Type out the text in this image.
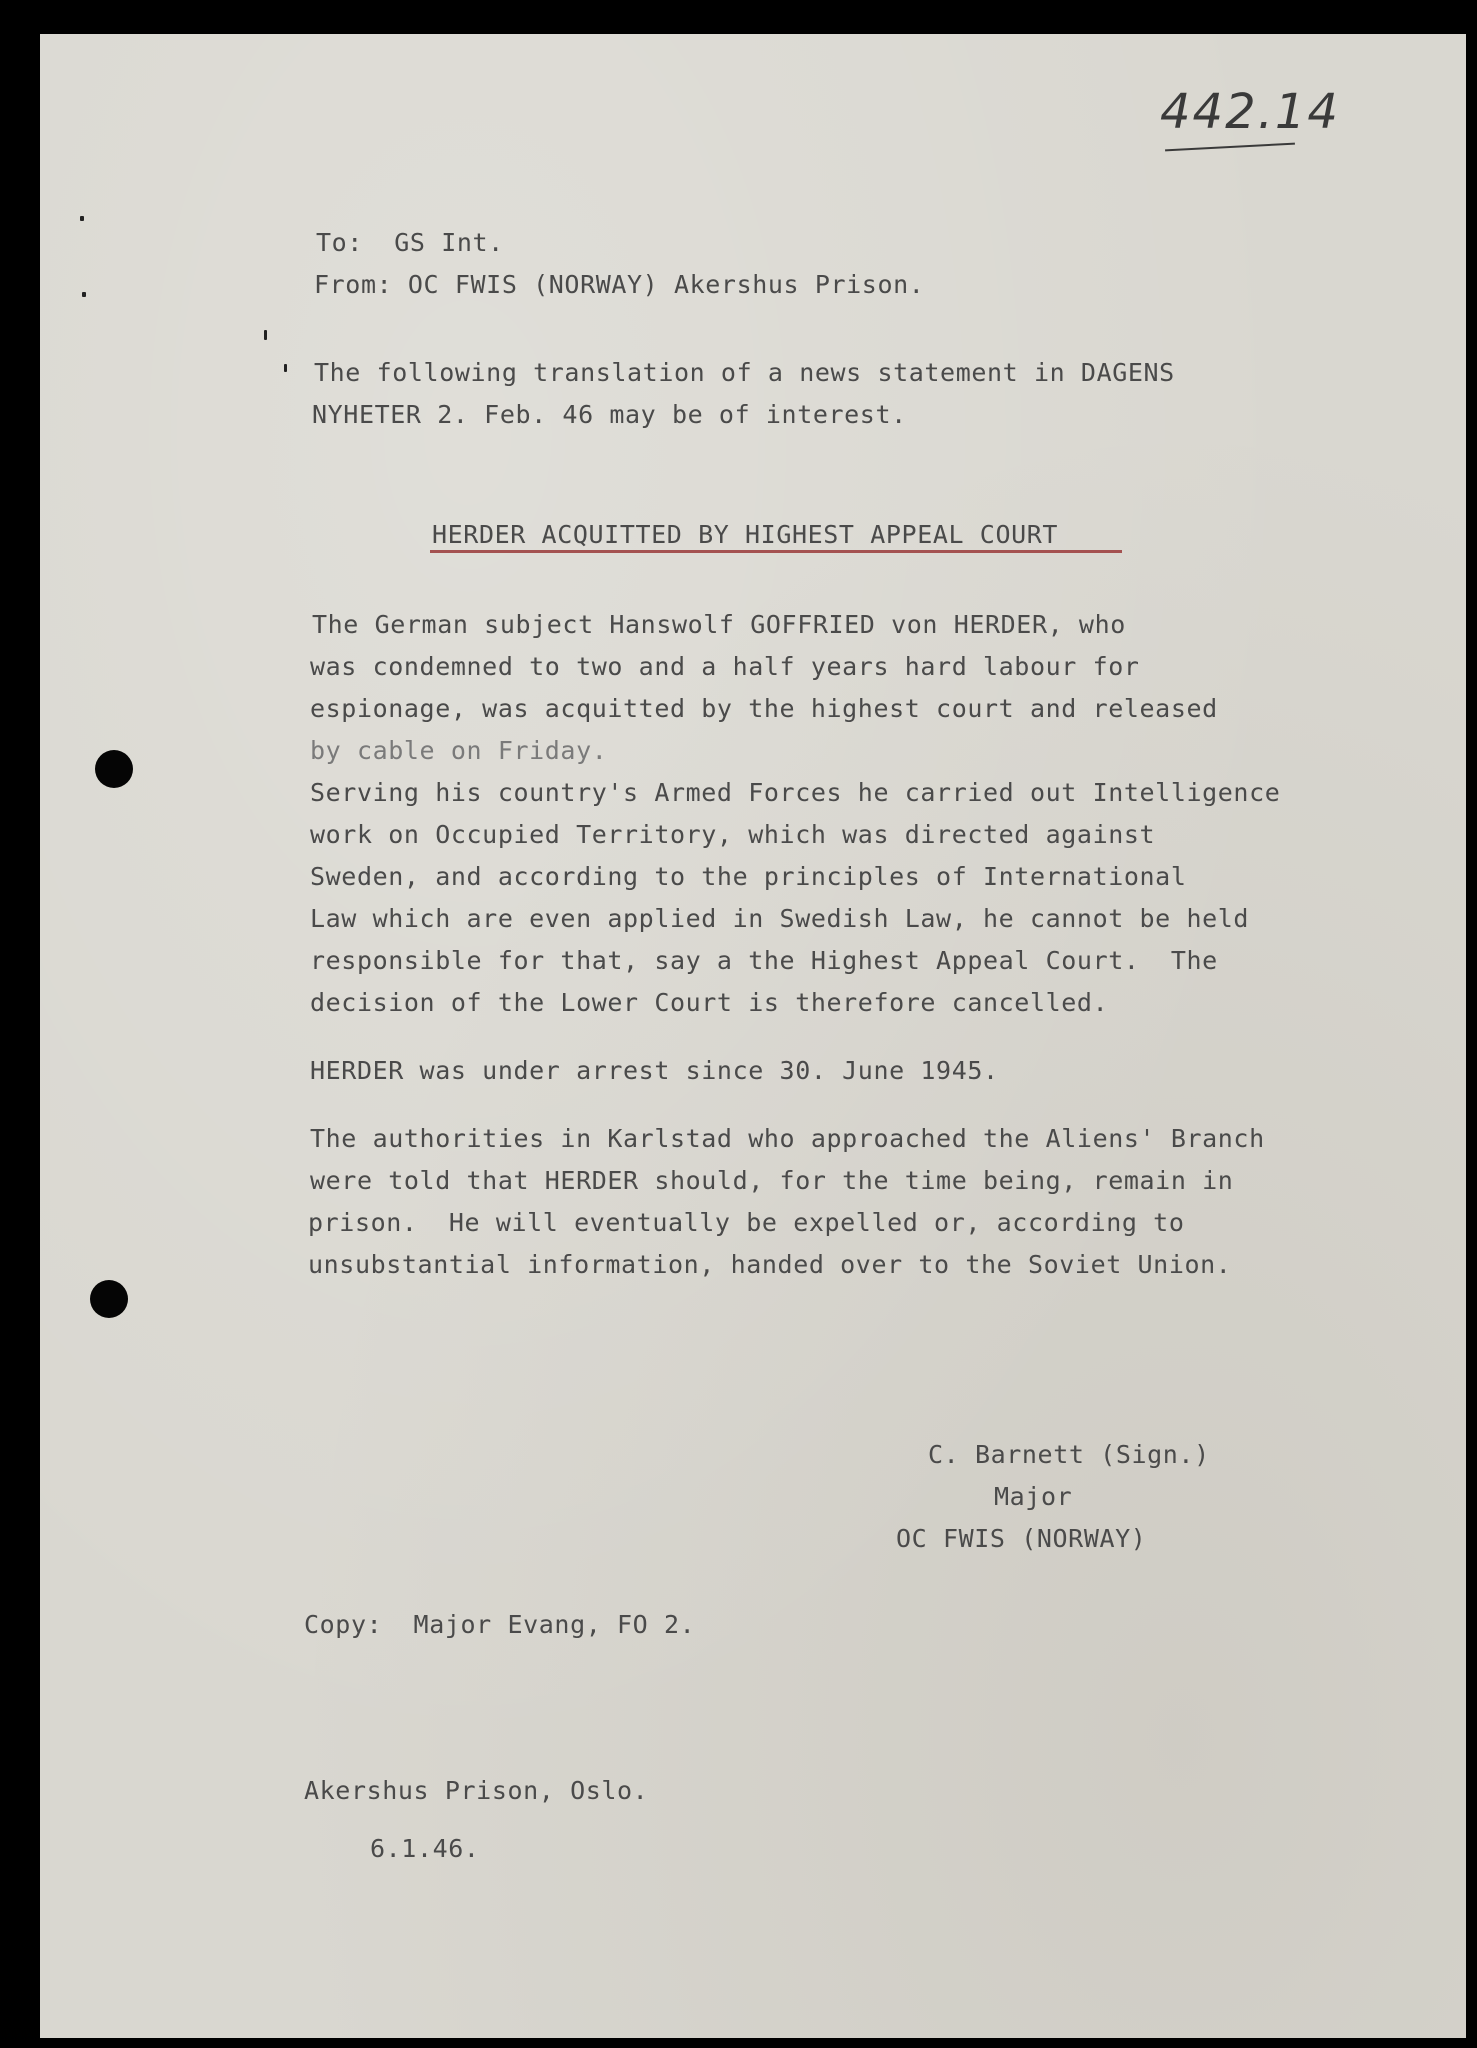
442.14
To:  GS Int.
From: OC FWIS (NORWAY) Akershus Prison.
The following translation of a news statement in DAGENS
NYHETER 2. Feb. 46 may be of interest.
HERDER ACQUITTED BY HIGHEST APPEAL COURT
The German subject Hanswolf GOFFRIED von HERDER, who
was condemned to two and a half years hard labour for
espionage, was acquitted by the highest court and released
by cable on Friday.
Serving his country's Armed Forces he carried out Intelligence
work on Occupied Territory, which was directed against
Sweden, and according to the principles of International
Law which are even applied in Swedish Law, he cannot be held
responsible for that, say a the Highest Appeal Court.  The
decision of the Lower Court is therefore cancelled.
HERDER was under arrest since 30. June 1945.
The authorities in Karlstad who approached the Aliens' Branch
were told that HERDER should, for the time being, remain in
prison.  He will eventually be expelled or, according to
unsubstantial information, handed over to the Soviet Union.
C. Barnett (Sign.)
Major
OC FWIS (NORWAY)
Copy:  Major Evang, FO 2.
Akershus Prison, Oslo.
6.1.46.
